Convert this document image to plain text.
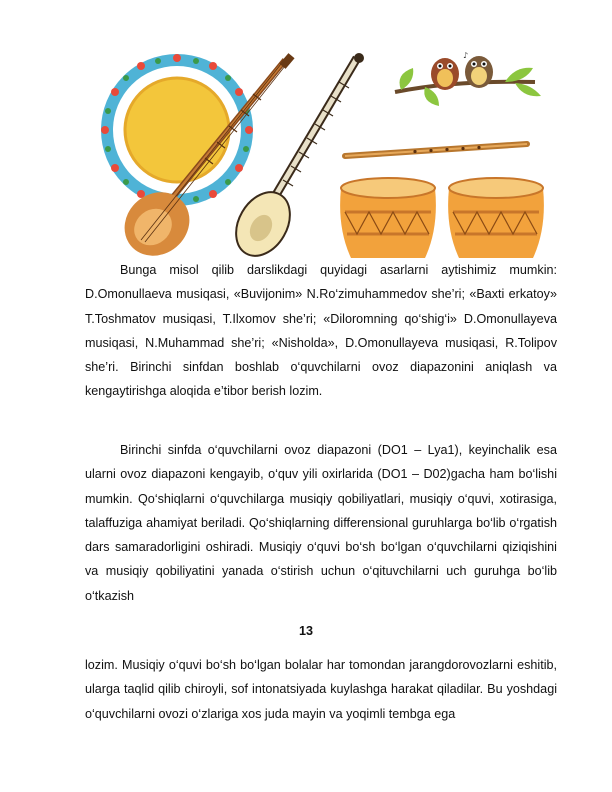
♪

Bunga misol qilib darslikdagi quyidagi asarlarni aytishimiz mumkin: D.Omonullaeva musiqasi, «Buvijonim» N.Ro‘zimuhammedov she’ri; «Baxti erkatoy» T.Toshmatov musiqasi, T.Ilxomov she’ri; «Diloromning qo‘shig‘i» D.Omonullayeva musiqasi, N.Muhammad she’ri; «Nisholda», D.Omonullayeva musiqasi, R.Tolipov she’ri. Birinchi sinfdan boshlab o‘quvchilarni ovoz diapazonini aniqlash va kengaytirishga aloqida e’tibor berish lozim.

Birinchi sinfda o‘quvchilarni ovoz diapazoni (DO1 – Lya1), keyinchalik esa ularni ovoz diapazoni kengayib, o‘quv yili oxirlarida (DO1 – D02)gacha ham bo‘lishi mumkin. Qo‘shiqlarni o‘quvchilarga musiqiy qobiliyatlari, musiqiy o‘quvi, xotirasiga, talaffuziga ahamiyat beriladi. Qo‘shiqlarning differensional guruhlarga bo‘lib o‘rgatish dars samaradorligini oshiradi. Musiqiy o‘quvi bo‘sh bo‘lgan o‘quvchilarni qiziqishini va musiqiy qobiliyatini yanada o‘stirish uchun o‘qituvchilarni uch guruhga bo‘lib o‘tkazish

13

lozim. Musiqiy o‘quvi bo‘sh bo‘lgan bolalar har tomondan jarangdorovozlarni eshitib, ularga taqlid qilib chiroyli, sof intonatsiyada kuylashga harakat qiladilar. Bu yoshdagi o‘quvchilarni ovozi o‘zlariga xos juda mayin va yoqimli tembga ega
